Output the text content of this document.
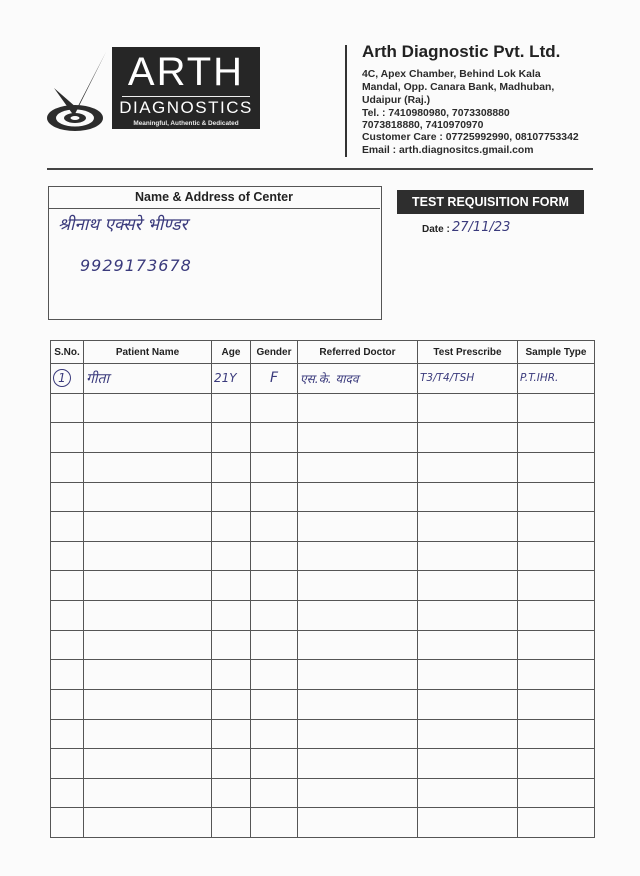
ARTH
DIAGNOSTICS
Meaningful, Authentic & Dedicated
Arth Diagnostic Pvt. Ltd.
4C, Apex Chamber, Behind Lok Kala
Mandal, Opp. Canara Bank, Madhuban,
Udaipur (Raj.)
Tel. : 7410980980, 7073308880
7073818880, 7410970970
Customer Care : 07725992990, 08107753342
Email : arth.diagnositcs.gmail.com
Name & Address of Center
श्रीनाथ एक्सरे भीण्डर
9929173678
TEST REQUISITION FORM
Date : 27/11/23
S.No.	Patient Name	Age	Gender	Referred Doctor	Test Prescribe	Sample Type
1	गीता	21Y	F	एस.के. यादव	T3/T4/TSH	P.T.IHR.
